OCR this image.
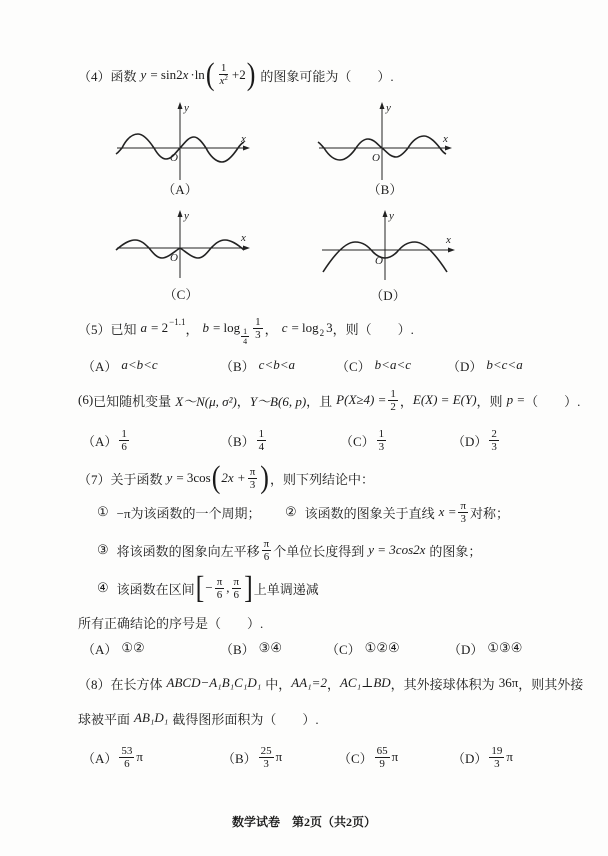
（4） 函数 y = sin2 x ·ln ( $\frac{1}{x^2} +2$ ) 的图象可能为（　　）.
x
y
O
（A）
x
y
O
（B）
x
y
O
（C）
x
y
O
（D）
（5） 已知 a = 2 −1.1 ， $b = \log \frac{1}{4} \frac{1}{3}$ ， c = log 2 3 ，则（　　）.
（A） a<b<c	（B） c<b<a	（C） b<a<c	（D） b<c<a
(6) 已知随机变量 X～N(μ, σ²) ， Y～B(6, p) ，且 $P(X\ge 4) = \frac{1}{2}$ ， E(X) = E(Y) ，则 p = （　　）.
$(A) \frac{1}{6}$	$(B) \frac{1}{4}$	$(C) \frac{1}{3}$	$(D) \frac{2}{3}$
（7） 关于函数 y = 3cos ( $2x + \frac{\pi}{3}$ ) ，则下列结论中：
① −π为该函数的一个周期； ② 该函数的图象关于直线 $x = \frac{\pi}{3}$ 对称；
③ 将该函数的图象向左平移 $\frac{\pi}{6}$ 个单位长度得到 y = 3cos2x 的图象；
④ 该函数在区间 [ − $\frac{\pi}{6}$ , $\frac{\pi}{6}$ ] 上单调递减
所有正确结论的序号是（　　）.
（A） ①②	（B） ③④	（C） ①②④	（D） ①③④
（8） 在长方体 ABCD−A₁B₁C₁D₁ 中， AA₁=2 ， AC₁⊥BD ，其外接球体积为 36π ，则其外接
球被平面 AB₁D₁ 截得图形面积为（　　）.
$(A) \frac{53}{6}$ π	$(B) \frac{25}{3}$ π	$(C) \frac{65}{9}$ π	$(D) \frac{19}{3}$ π
数学试卷　第2页（共2页）
